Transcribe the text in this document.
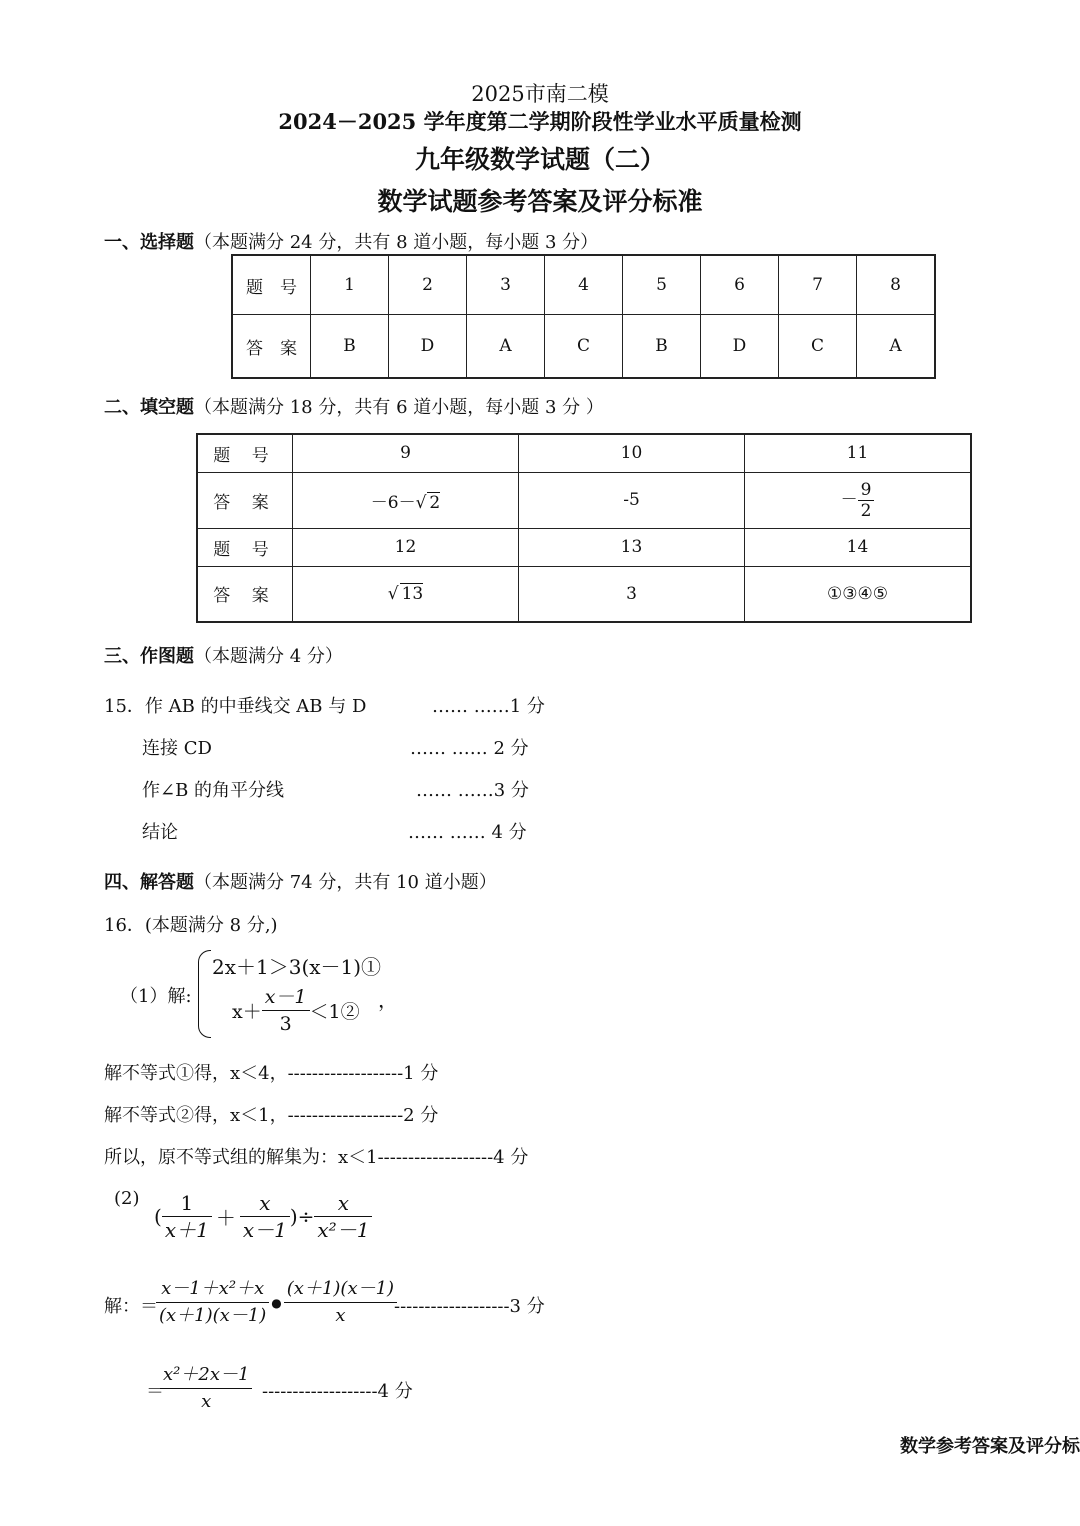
2025市南二模
2024－2025 学年度第二学期阶段性学业水平质量检测
九年级数学试题（二）
数学试题参考答案及评分标准
一、选择题（本题满分 24 分，共有 8 道小题，每小题 3 分）
题　号	1	2	3	4	5	6	7	8
答　案	B	D	A	C	B	D	C	A
二、填空题（本题满分 18 分，共有 6 道小题，每小题 3 分 ）
题 号	9	10	11
答 案	－6－√ 2	-5	－ $\frac{9}{2}$

题 号	12	13	14
答 案	√ 13	3	①③④⑤
三、作图题（本题满分 4 分）
15．作 AB 的中垂线交 AB 与 D	…… ……1 分
连接 CD	…… …… 2 分
作∠B 的角平分线	…… ……3 分
结论	…… …… 4 分
四、解答题（本题满分 74 分，共有 10 道小题）
16．(本题满分 8 分,)
（1）解:
2x＋1＞3(x－1)①
$x+ \frac{x-1}{3}$ ＜1② ，
解不等式①得，x＜4，-------------------1 分
解不等式②得，x＜1，-------------------2 分
所以，原不等式组的解集为：x＜1-------------------4 分
(2)
( $\frac{1}{x+1} + \frac{x}{x-1}$ )÷ $\frac{x}{\text{x²－1}}$
解：＝
$\frac{\text{x－1＋x²＋x}}{(x+1)(x-1)}$ ● $\frac{(x+1)(x-1)}{x}$
-------------------3 分
＝
$\frac{\text{x²＋2x－1}}{x} -------------------4$ 分
数学参考答案及评分标
